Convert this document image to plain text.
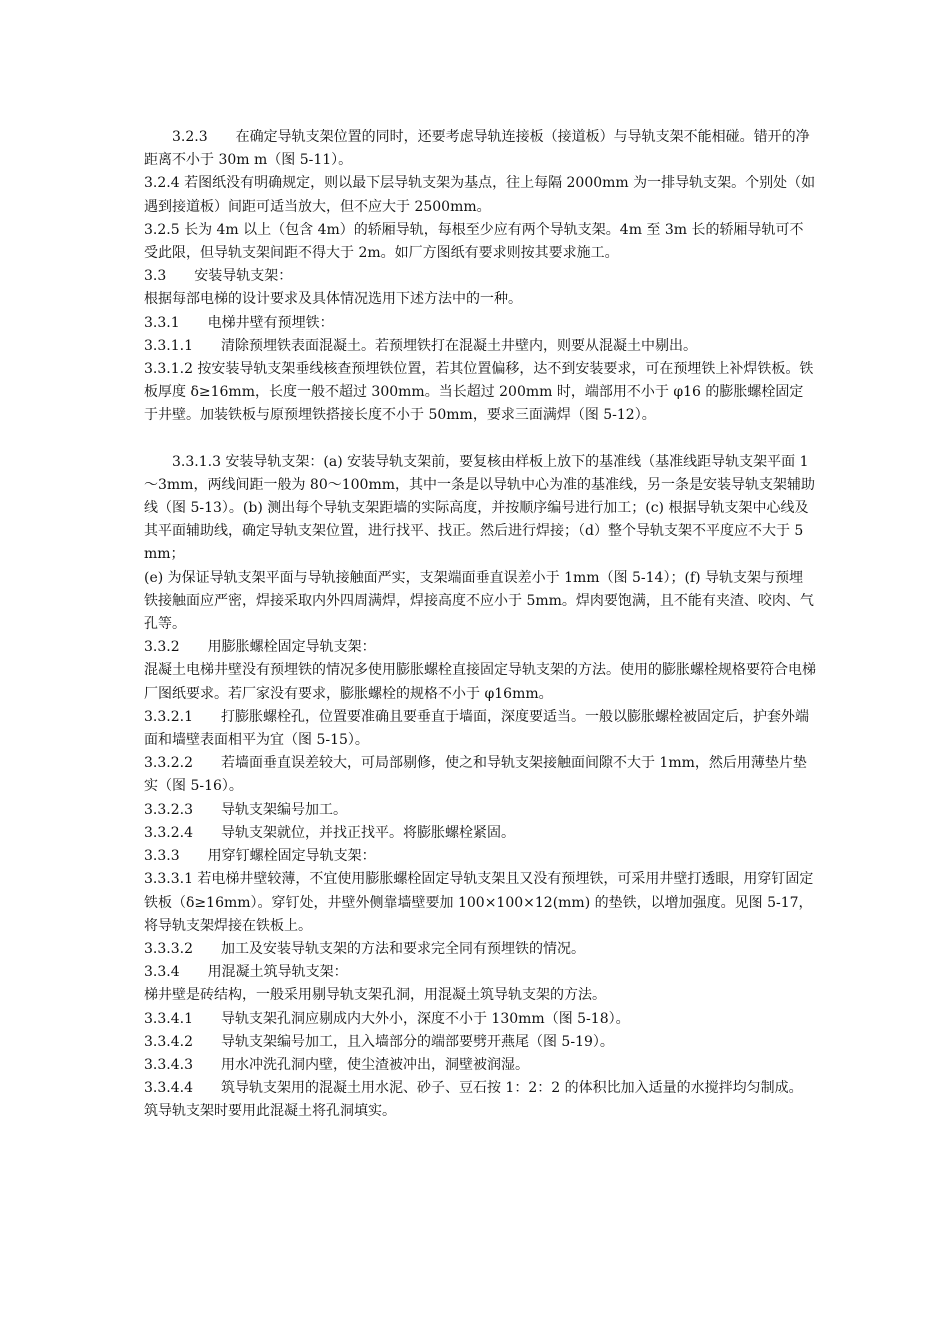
3.2.3　　在确定导轨支架位置的同时，还要考虑导轨连接板（接道板）与导轨支架不能相碰。错开的净距离不小于 30m m（图 5-11）。

3.2.4 若图纸没有明确规定，则以最下层导轨支架为基点，往上每隔 2000mm 为一排导轨支架。个别处（如遇到接道板）间距可适当放大，但不应大于 2500mm。

3.2.5 长为 4m 以上（包含 4m）的轿厢导轨，每根至少应有两个导轨支架。4m 至 3m 长的轿厢导轨可不受此限，但导轨支架间距不得大于 2m。如厂方图纸有要求则按其要求施工。

3.3　　安装导轨支架：

根据每部电梯的设计要求及具体情况选用下述方法中的一种。

3.3.1　　电梯井壁有预埋铁：

3.3.1.1　　清除预埋铁表面混凝土。若预埋铁打在混凝土井壁内，则要从混凝土中剔出。

3.3.1.2 按安装导轨支架垂线核查预埋铁位置，若其位置偏移，达不到安装要求，可在预埋铁上补焊铁板。铁板厚度 δ≥16mm，长度一般不超过 300mm。当长超过 200mm 时，端部用不小于 φ16 的膨胀螺栓固定于井壁。加装铁板与原预埋铁搭接长度不小于 50mm，要求三面满焊（图 5-12）。

3.3.1.3 安装导轨支架：(a) 安装导轨支架前，要复核由样板上放下的基准线（基准线距导轨支架平面 1～3mm，两线间距一般为 80～100mm，其中一条是以导轨中心为准的基准线，另一条是安装导轨支架辅助线（图 5-13）。(b) 测出每个导轨支架距墙的实际高度，并按顺序编号进行加工；(c) 根据导轨支架中心线及其平面辅助线，确定导轨支架位置，进行找平、找正。然后进行焊接；（d）整个导轨支架不平度应不大于 5mm；

(e) 为保证导轨支架平面与导轨接触面严实，支架端面垂直误差小于 1mm（图 5-14）；(f) 导轨支架与预埋铁接触面应严密，焊接采取内外四周满焊，焊接高度不应小于 5mm。焊肉要饱满，且不能有夹渣、咬肉、气孔等。

3.3.2　　用膨胀螺栓固定导轨支架：

混凝土电梯井壁没有预埋铁的情况多使用膨胀螺栓直接固定导轨支架的方法。使用的膨胀螺栓规格要符合电梯厂图纸要求。若厂家没有要求，膨胀螺栓的规格不小于 φ16mm。

3.3.2.1　　打膨胀螺栓孔，位置要准确且要垂直于墙面，深度要适当。一般以膨胀螺栓被固定后，护套外端面和墙壁表面相平为宜（图 5-15）。

3.3.2.2　　若墙面垂直误差较大，可局部剔修，使之和导轨支架接触面间隙不大于 1mm，然后用薄垫片垫实（图 5-16）。

3.3.2.3　　导轨支架编号加工。

3.3.2.4　　导轨支架就位，并找正找平。将膨胀螺栓紧固。

3.3.3　　用穿钉螺栓固定导轨支架：

3.3.3.1 若电梯井壁较薄，不宜使用膨胀螺栓固定导轨支架且又没有预埋铁，可采用井壁打透眼，用穿钉固定铁板（δ≥16mm）。穿钉处，井壁外侧靠墙壁要加 100×100×12(mm) 的垫铁，以增加强度。见图 5-17，将导轨支架焊接在铁板上。

3.3.3.2　　加工及安装导轨支架的方法和要求完全同有预埋铁的情况。

3.3.4　　用混凝土筑导轨支架：

梯井壁是砖结构，一般采用剔导轨支架孔洞，用混凝土筑导轨支架的方法。

3.3.4.1　　导轨支架孔洞应剔成内大外小，深度不小于 130mm（图 5-18）。

3.3.4.2　　导轨支架编号加工，且入墙部分的端部要劈开燕尾（图 5-19）。

3.3.4.3　　用水冲洗孔洞内壁，使尘渣被冲出，洞壁被润湿。

3.3.4.4　　筑导轨支架用的混凝土用水泥、砂子、豆石按 1：2：2 的体积比加入适量的水搅拌均匀制成。筑导轨支架时要用此混凝土将孔洞填实。
